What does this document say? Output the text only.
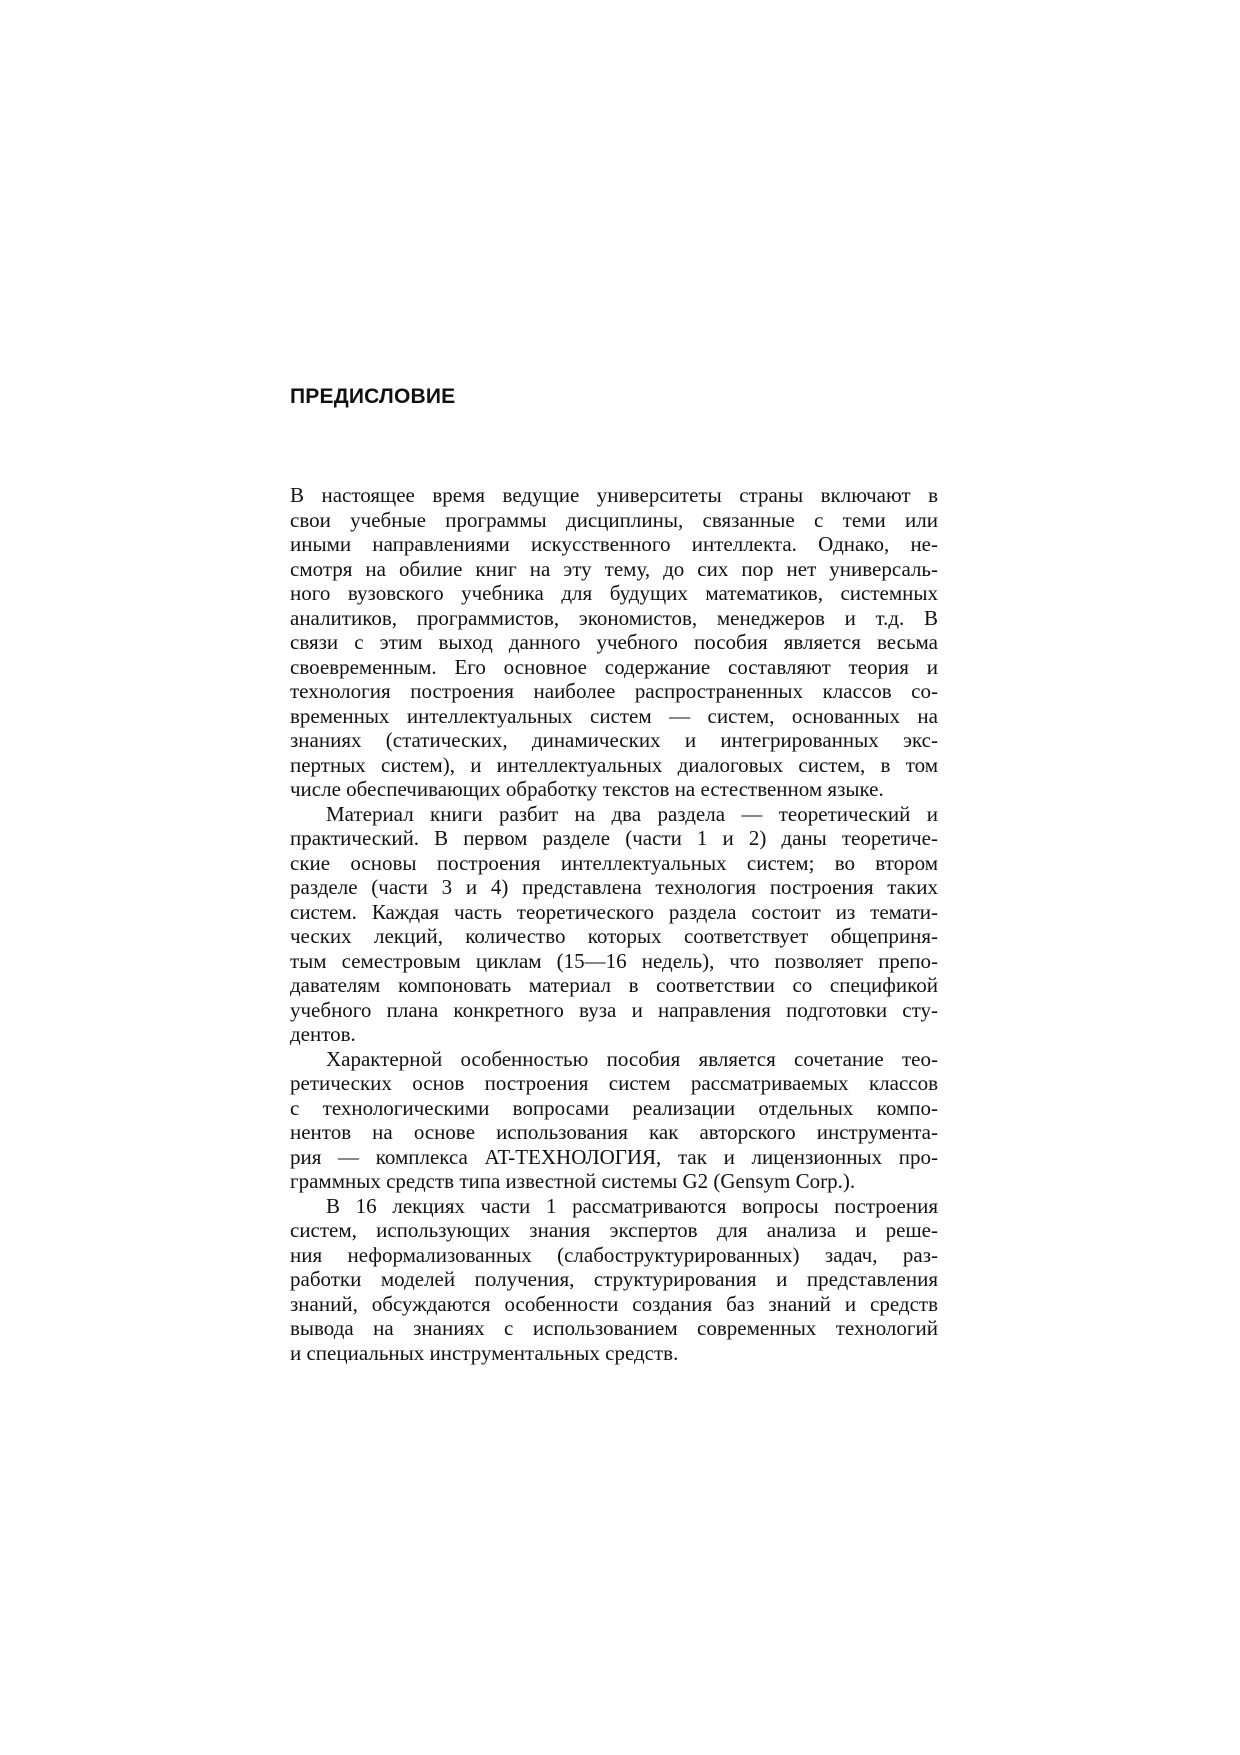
ПРЕДИСЛОВИЕ
В настоящее время ведущие университеты страны включают в
свои учебные программы дисциплины, связанные с теми или
иными направлениями искусственного интеллекта. Однако, не-
смотря на обилие книг на эту тему, до сих пор нет универсаль-
ного вузовского учебника для будущих математиков, системных
аналитиков, программистов, экономистов, менеджеров и т.д. В
связи с этим выход данного учебного пособия является весьма
своевременным. Его основное содержание составляют теория и
технология построения наиболее распространенных классов со-
временных интеллектуальных систем — систем, основанных на
знаниях (статических, динамических и интегрированных экс-
пертных систем), и интеллектуальных диалоговых систем, в том
числе обеспечивающих обработку текстов на естественном языке.
Материал книги разбит на два раздела — теоретический и
практический. В первом разделе (части 1 и 2) даны теоретиче-
ские основы построения интеллектуальных систем; во втором
разделе (части 3 и 4) представлена технология построения таких
систем. Каждая часть теоретического раздела состоит из темати-
ческих лекций, количество которых соответствует общеприня-
тым семестровым циклам (15—16 недель), что позволяет препо-
давателям компоновать материал в соответствии со спецификой
учебного плана конкретного вуза и направления подготовки сту-
дентов.
Характерной особенностью пособия является сочетание тео-
ретических основ построения систем рассматриваемых классов
с технологическими вопросами реализации отдельных компо-
нентов на основе использования как авторского инструмента-
рия — комплекса AT-ТЕХНОЛОГИЯ, так и лицензионных про-
граммных средств типа известной системы G2 (Gensym Corp.).
В 16 лекциях части 1 рассматриваются вопросы построения
систем, использующих знания экспертов для анализа и реше-
ния неформализованных (слабоструктурированных) задач, раз-
работки моделей получения, структурирования и представления
знаний, обсуждаются особенности создания баз знаний и средств
вывода на знаниях с использованием современных технологий
и специальных инструментальных средств.
